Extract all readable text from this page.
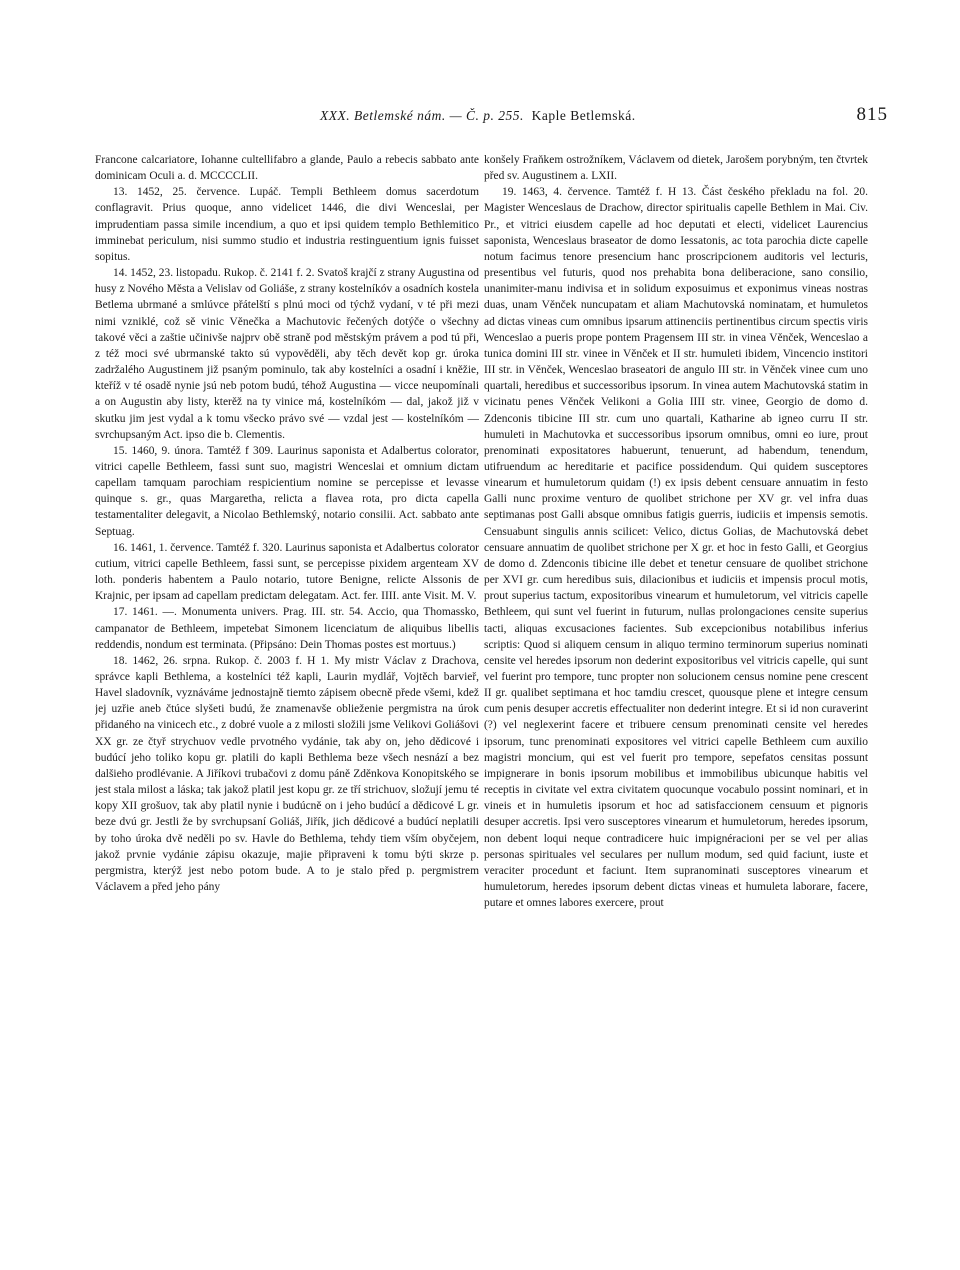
XXX. Betlemské nám. — Č. p. 255. Kaple Betlemská.	815

Francone calcariatore, Iohanne cultellifabro a glande, Paulo a rebecis sabbato ante dominicam Oculi a. d. MCCCCLII.

13. 1452, 25. července. Lupáč. Templi Bethleem domus sacerdotum conflagravit. Prius quoque, anno videlicet 1446, die divi Wenceslai, per imprudentiam passa simile incendium, a quo et ipsi quidem templo Bethlemitico imminebat periculum, nisi summo studio et industria restinguentium ignis fuisset sopitus.

14. 1452, 23. listopadu. Rukop. č. 2141 f. 2. Svatoš krajčí z strany Augustina od husy z Nového Města a Velislav od Goliáše, z strany kostelníkóv a osadních kostela Betlema ubrmané a smlúvce přátelští s plnú moci od týchž vydaní, v té při mezi nimi vzniklé, což sě vinic Věnečka a Machutovic řečených dotýče o všechny takové věci a zaštie učinivše najprv obě straně pod městským právem a pod tú při, z též moci své ubrmanské takto sú vypověděli, aby těch devět kop gr. úroka zadržalého Augustinem již psaným pominulo, tak aby kostelníci a osadní i kněžie, kteříž v té osadě nynie jsú neb potom budú, téhož Augustina — vicce neupomínali a on Augustin aby listy, kterěž na ty vinice má, kostelníkóm — dal, jakož již v skutku jim jest vydal a k tomu všecko právo své — vzdal jest — kostelníkóm — svrchupsaným Act. ipso die b. Clementis.

15. 1460, 9. února. Tamtéž f 309. Laurinus saponista et Adalbertus colorator, vitrici capelle Bethleem, fassi sunt suo, magistri Wenceslai et omnium dictam capellam tamquam parochiam respicientium nomine se percepisse et levasse quinque s. gr., quas Margaretha, relicta a flavea rota, pro dicta capella testamentaliter delegavit, a Nicolao Bethlemský, notario consilii. Act. sabbato ante Septuag.

16. 1461, 1. července. Tamtéž f. 320. Laurinus saponista et Adalbertus colorator cutium, vitrici capelle Bethleem, fassi sunt, se percepisse pixidem argenteam XV loth. ponderis habentem a Paulo notario, tutore Benigne, relicte Alssonis de Krajnic, per ipsam ad capellam predictam delegatam. Act. fer. IIII. ante Visit. M. V.

17. 1461. —. Monumenta univers. Prag. III. str. 54. Accio, qua Thomassko, campanator de Bethleem, impetebat Simonem licenciatum de aliquibus libellis reddendis, nondum est terminata. (Připsáno: Dein Thomas postes est mortuus.)

18. 1462, 26. srpna. Rukop. č. 2003 f. H 1. My mistr Václav z Drachova, správce kapli Bethlema, a kostelníci též kapli, Laurin mydlář, Vojtěch barvieř, Havel sladovník, vyznáváme jednostajně tiemto zápisem obecně přede všemi, kdež jej uzřie aneb čtúce slyšeti budú, že znamenavše oblieženie pergmistra na úrok přidaného na vinicech etc., z dobré vuole a z milosti složili jsme Velikovi Goliášovi XX gr. ze čtyř strychuov vedle prvotného vydánie, tak aby on, jeho dědicové i budúcí jeho toliko kopu gr. platili do kapli Bethlema beze všech nesnází a bez dalšieho prodlévanie. A Jiříkovi trubačovi z domu páně Zděnkova Konopitského se jest stala milost a láska; tak jakož platil jest kopu gr. ze tří strichuov, složují jemu té kopy XII grošuov, tak aby platil nynie i budúcně on i jeho budúcí a dědicové L gr. beze dvú gr. Jestli že by svrchupsaní Goliáš, Jiřík, jich dědicové a budúcí neplatili by toho úroka dvě neděli po sv. Havle do Bethlema, tehdy tiem vším obyčejem, jakož prvnie vydánie zápisu okazuje, majie připraveni k tomu býti skrze p. pergmistra, kterýž jest nebo potom bude. A to je stalo před p. pergmistrem Václavem a před jeho pány

konšely Fraňkem ostrožníkem, Václavem od dietek, Jarošem porybným, ten čtvrtek před sv. Augustinem a. LXII.

19. 1463, 4. července. Tamtéž f. H 13. Část českého překladu na fol. 20. Magister Wenceslaus de Drachow, director spiritualis capelle Bethlem in Mai. Civ. Pr., et vitrici eiusdem capelle ad hoc deputati et electi, videlicet Laurencius saponista, Wenceslaus braseator de domo Iessatonis, ac tota parochia dicte capelle notum facimus tenore presencium hanc proscripcionem auditoris vel lecturis, presentibus vel futuris, quod nos prehabita bona deliberacione, sano consilio, unanimiter-manu indivisa et in solidum exposuimus et exponimus vineas nostras duas, unam Věnček nuncupatam et aliam Machutovská nominatam, et humuletos ad dictas vineas cum omnibus ipsarum attinenciis pertinentibus circum spectis viris Wenceslao a pueris prope pontem Pragensem III str. in vinea Věnček, Wenceslao a tunica domini III str. vinee in Věnček et II str. humuleti ibidem, Vincencio institori III str. in Věnček, Wenceslao braseatori de angulo III str. in Věnček vinee cum uno quartali, heredibus et successoribus ipsorum. In vinea autem Machutovská statim in vicinatu penes Věnček Velikoni a Golia IIII str. vinee, Georgio de domo d. Zdenconis tibicine III str. cum uno quartali, Katharine ab igneo curru II str. humuleti in Machutovka et successoribus ipsorum omnibus, omni eo iure, prout prenominati expositatores habuerunt, tenuerunt, ad habendum, tenendum, utifruendum ac hereditarie et pacifice possidendum. Qui quidem susceptores vinearum et humuletorum quidam (!) ex ipsis debent censuare annuatim in festo Galli nunc proxime venturo de quolibet strichone per XV gr. vel infra duas septimanas post Galli absque omnibus fatigis guerris, iudiciis et impensis semotis. Censuabunt singulis annis scilicet: Velico, dictus Golias, de Machutovská debet censuare annuatim de quolibet strichone per X gr. et hoc in festo Galli, et Georgius de domo d. Zdenconis tibicine ille debet et tenetur censuare de quolibet strichone per XVI gr. cum heredibus suis, dilacionibus et iudiciis et impensis procul motis, prout superius tactum, expositoribus vinearum et humuletorum, vel vitricis capelle Bethleem, qui sunt vel fuerint in futurum, nullas prolongaciones censite superius tacti, aliquas excusaciones facientes. Sub excepcionibus notabilibus inferius scriptis: Quod si aliquem censum in aliquo termino terminorum superius nominati censite vel heredes ipsorum non dederint expositoribus vel vitricis capelle, qui sunt vel fuerint pro tempore, tunc propter non solucionem census nomine pene crescent II gr. qualibet septimana et hoc tamdiu crescet, quousque plene et integre censum cum penis desuper accretis effectualiter non dederint integre. Et si id non curaverint (?) vel neglexerint facere et tribuere censum prenominati censite vel heredes ipsorum, tunc prenominati expositores vel vitrici capelle Bethleem cum auxilio magistri moncium, qui est vel fuerit pro tempore, sepefatos censitas possunt impignerare in bonis ipsorum mobilibus et immobilibus ubicunque habitis vel receptis in civitate vel extra civitatem quocunque vocabulo possint nominari, et in vineis et in humuletis ipsorum et hoc ad satisfaccionem censuum et pignoris desuper accretis. Ipsi vero susceptores vinearum et humuletorum, heredes ipsorum, non debent loqui neque contradicere huic impignéracioni per se vel per alias personas spirituales vel seculares per nullum modum, sed quid faciunt, iuste et veraciter procedunt et faciunt. Item supranominati susceptores vinearum et humuletorum, heredes ipsorum debent dictas vineas et humuleta laborare, facere, putare et omnes labores exercere, prout
